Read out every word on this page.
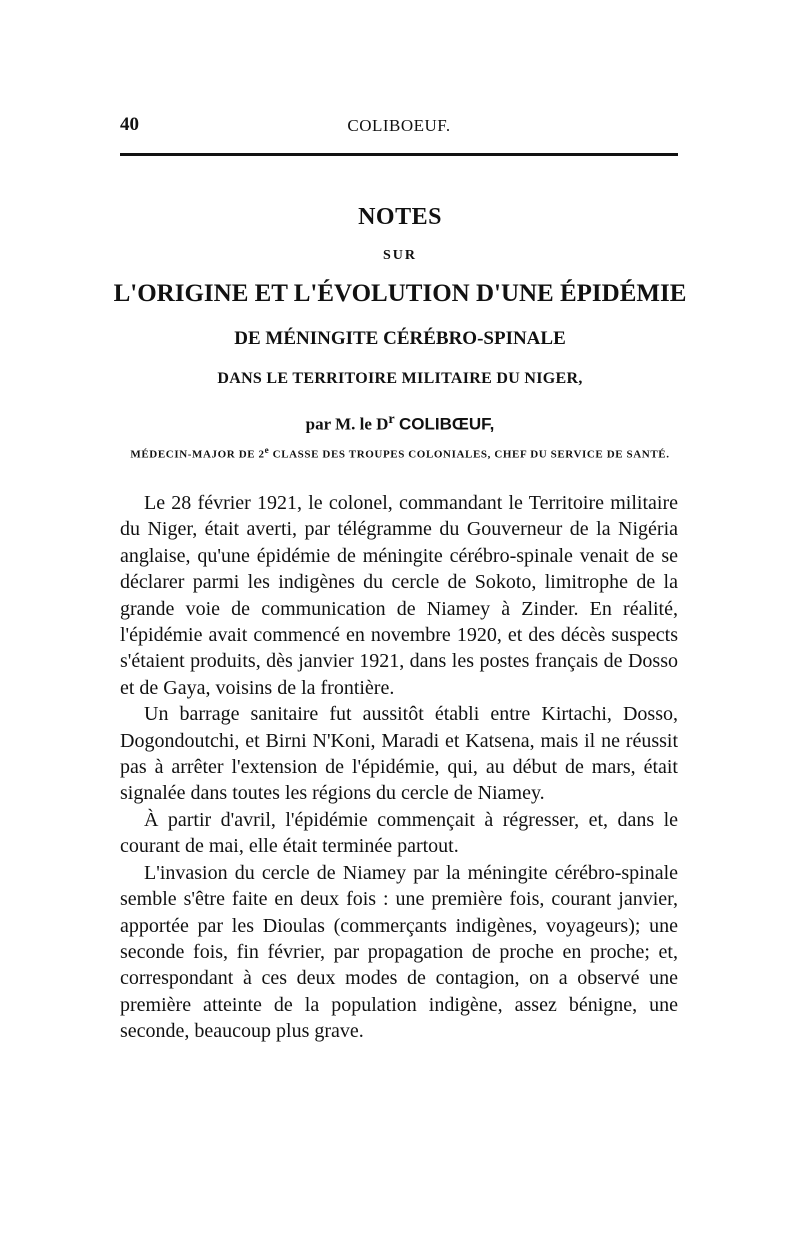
40	COLIBOEUF.
NOTES
SUR
L'ORIGINE ET L'ÉVOLUTION D'UNE ÉPIDÉMIE
DE MÉNINGITE CÉRÉBRO-SPINALE
DANS LE TERRITOIRE MILITAIRE DU NIGER,
par M. le $D^r$ COLIBŒUF,
MÉDECIN-MAJOR DE 2e CLASSE DES TROUPES COLONIALES, CHEF DU SERVICE DE SANTÉ.

Le 28 février 1921, le colonel, commandant le Territoire militaire du Niger, était averti, par télégramme du Gouverneur de la Nigéria anglaise, qu'une épidémie de méningite cérébro-spinale venait de se déclarer parmi les indigènes du cercle de Sokoto, limitrophe de la grande voie de communication de Niamey à Zinder. En réalité, l'épidémie avait commencé en novembre 1920, et des décès suspects s'étaient produits, dès janvier 1921, dans les postes français de Dosso et de Gaya, voisins de la frontière.

Un barrage sanitaire fut aussitôt établi entre Kirtachi, Dosso, Dogondoutchi, et Birni N'Koni, Maradi et Katsena, mais il ne réussit pas à arrêter l'extension de l'épidémie, qui, au début de mars, était signalée dans toutes les régions du cercle de Niamey.

À partir d'avril, l'épidémie commençait à régresser, et, dans le courant de mai, elle était terminée partout.

L'invasion du cercle de Niamey par la méningite cérébro-spinale semble s'être faite en deux fois : une première fois, courant janvier, apportée par les Dioulas (commerçants indigènes, voyageurs); une seconde fois, fin février, par propagation de proche en proche; et, correspondant à ces deux modes de contagion, on a observé une première atteinte de la population indigène, assez bénigne, une seconde, beaucoup plus grave.
